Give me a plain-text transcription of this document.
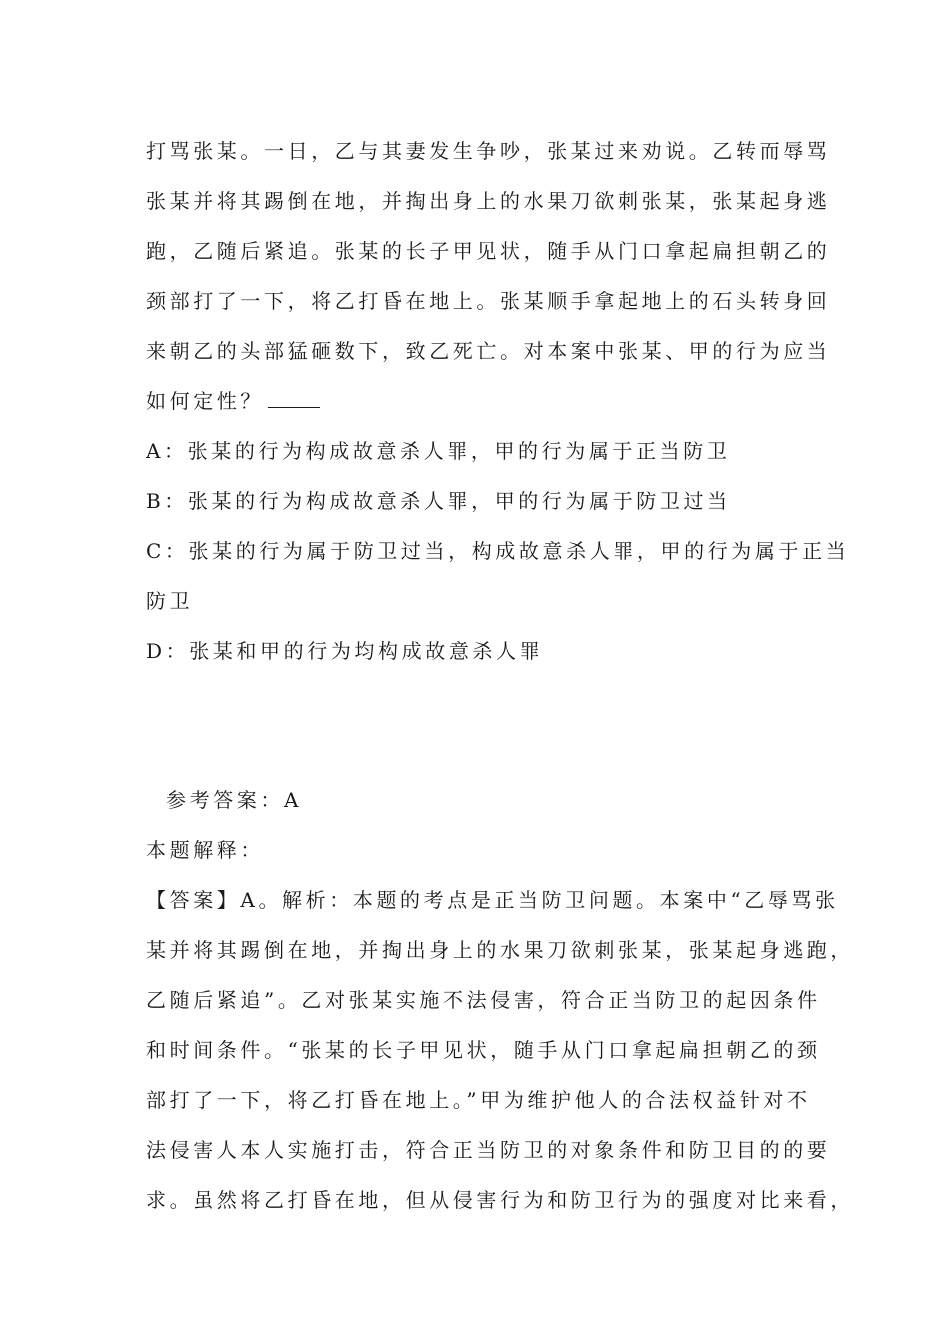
打骂张某。一日，乙与其妻发生争吵，张某过来劝说。乙转而辱骂
张某并将其踢倒在地，并掏出身上的水果刀欲刺张某，张某起身逃
跑，乙随后紧追。张某的长子甲见状，随手从门口拿起扁担朝乙的
颈部打了一下，将乙打昏在地上。张某顺手拿起地上的石头转身回
来朝乙的头部猛砸数下，致乙死亡。对本案中张某、甲的行为应当
如何定性？
A：张某的行为构成故意杀人罪，甲的行为属于正当防卫
B：张某的行为构成故意杀人罪，甲的行为属于防卫过当
C：张某的行为属于防卫过当，构成故意杀人罪，甲的行为属于正当
防卫
D：张某和甲的行为均构成故意杀人罪
参考答案：A
本题解释：
【答案】A。解析：本题的考点是正当防卫问题。本案中“乙辱骂张
某并将其踢倒在地，并掏出身上的水果刀欲刺张某，张某起身逃跑，
乙随后紧追”。乙对张某实施不法侵害，符合正当防卫的起因条件
和时间条件。“张某的长子甲见状，随手从门口拿起扁担朝乙的颈
部打了一下，将乙打昏在地上。”甲为维护他人的合法权益针对不
法侵害人本人实施打击，符合正当防卫的对象条件和防卫目的的要
求。虽然将乙打昏在地，但从侵害行为和防卫行为的强度对比来看，
